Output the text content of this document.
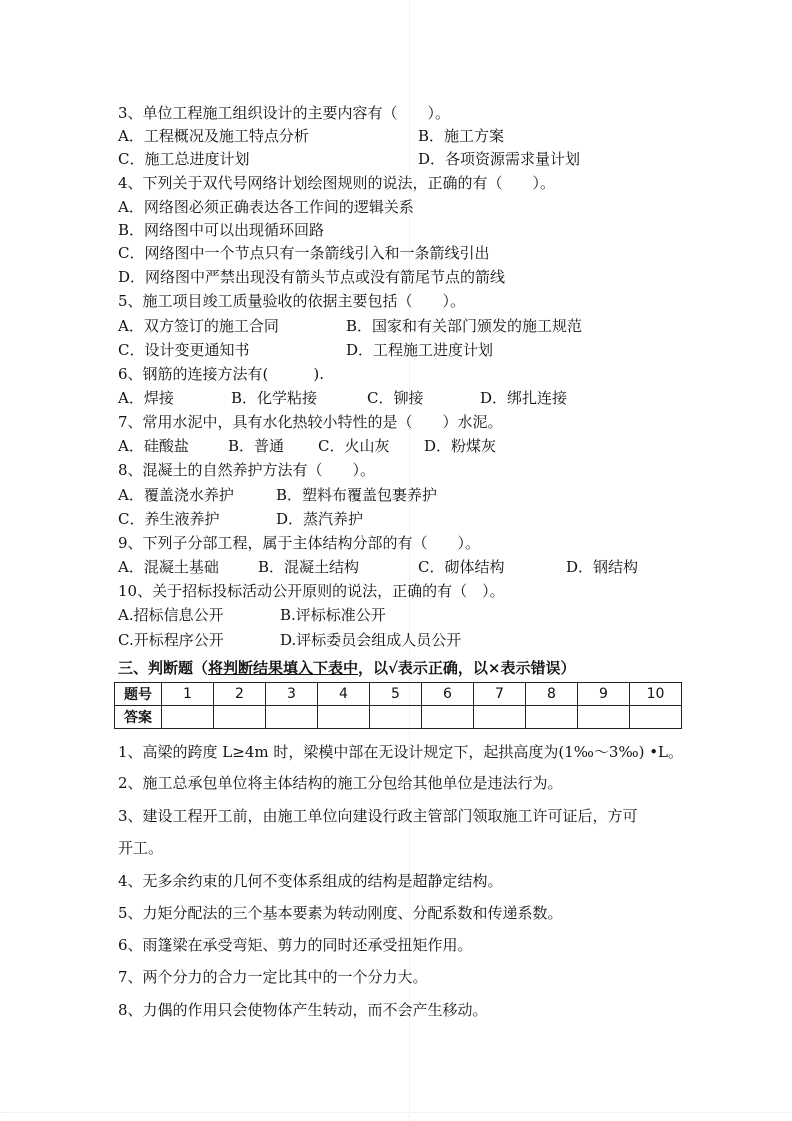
3、单位工程施工组织设计的主要内容有（　　）。
A．工程概况及施工特点分析	B．施工方案
C．施工总进度计划	D．各项资源需求量计划
4、下列关于双代号网络计划绘图规则的说法，正确的有（　　）。
A．网络图必须正确表达各工作间的逻辑关系
B．网络图中可以出现循环回路
C．网络图中一个节点只有一条箭线引入和一条箭线引出
D．网络图中严禁出现没有箭头节点或没有箭尾节点的箭线
5、施工项目竣工质量验收的依据主要包括（　　）。
A．双方签订的施工合同	B．国家和有关部门颁发的施工规范
C．设计变更通知书	D．工程施工进度计划
6、钢筋的连接方法有(　　　).
A．焊接	B．化学粘接	C．铆接	D．绑扎连接
7、常用水泥中，具有水化热较小特性的是（　　）水泥。
A．硅酸盐	B．普通 C．火山灰 D．粉煤灰
8、混凝土的自然养护方法有（　　）。
A．覆盖浇水养护	B．塑料布覆盖包裹养护
C．养生液养护	D．蒸汽养护
9、下列子分部工程，属于主体结构分部的有（　　）。
A．混凝土基础	B．混凝土结构	C．砌体结构	D．钢结构
10、关于招标投标活动公开原则的说法，正确的有（　）。
A.招标信息公开	B.评标标准公开
C.开标程序公开	D.评标委员会组成人员公开
三、判断题（将判断结果填入下表中，以√表示正确，以×表示错误）
题号	1	2	3	4	5	6	7	8	9	10
答案										
1、高梁的跨度 L≥4m 时，梁模中部在无设计规定下，起拱高度为(1‰～3‰) •L。
2、施工总承包单位将主体结构的施工分包给其他单位是违法行为。
3、建设工程开工前，由施工单位向建设行政主管部门领取施工许可证后，方可
开工。
4、无多余约束的几何不变体系组成的结构是超静定结构。
5、力矩分配法的三个基本要素为转动刚度、分配系数和传递系数。
6、雨篷梁在承受弯矩、剪力的同时还承受扭矩作用。
7、两个分力的合力一定比其中的一个分力大。
8、力偶的作用只会使物体产生转动，而不会产生移动。
